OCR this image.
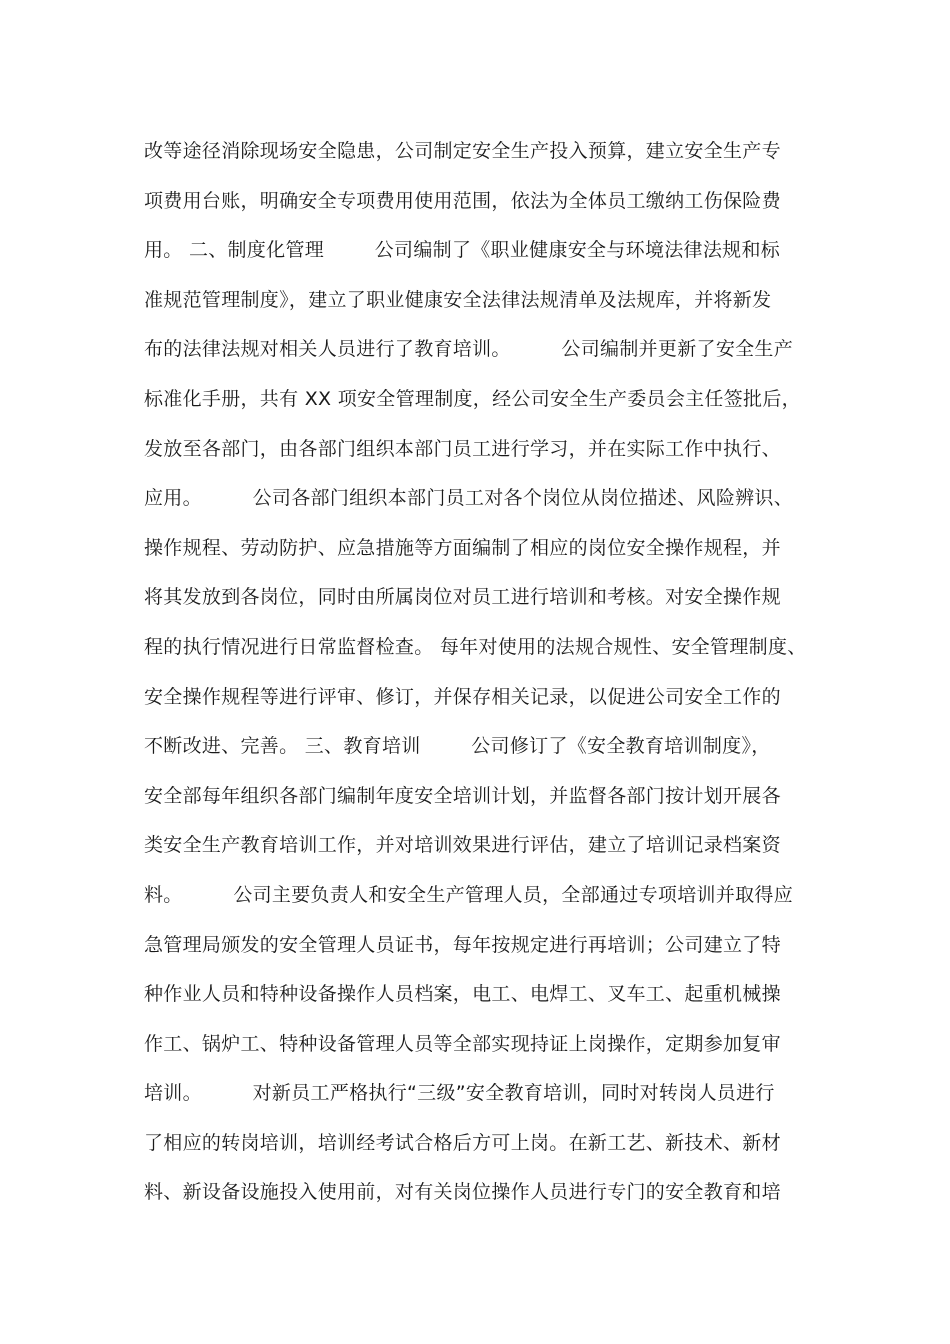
改等途径消除现场安全隐患，公司制定安全生产投入预算，建立安全生产专
项费用台账，明确安全专项费用使用范围，依法为全体员工缴纳工伤保险费
用。 二、制度化管理        公司编制了《职业健康安全与环境法律法规和标
准规范管理制度》，建立了职业健康安全法律法规清单及法规库，并将新发
布的法律法规对相关人员进行了教育培训。        公司编制并更新了安全生产
标准化手册，共有 XX 项安全管理制度，经公司安全生产委员会主任签批后，
发放至各部门，由各部门组织本部门员工进行学习，并在实际工作中执行、
应用。        公司各部门组织本部门员工对各个岗位从岗位描述、风险辨识、
操作规程、劳动防护、应急措施等方面编制了相应的岗位安全操作规程，并
将其发放到各岗位，同时由所属岗位对员工进行培训和考核。对安全操作规
程的执行情况进行日常监督检查。 每年对使用的法规合规性、安全管理制度、
安全操作规程等进行评审、修订，并保存相关记录，以促进公司安全工作的
不断改进、完善。 三、教育培训        公司修订了《安全教育培训制度》，
安全部每年组织各部门编制年度安全培训计划，并监督各部门按计划开展各
类安全生产教育培训工作，并对培训效果进行评估，建立了培训记录档案资
料。        公司主要负责人和安全生产管理人员，全部通过专项培训并取得应
急管理局颁发的安全管理人员证书，每年按规定进行再培训；公司建立了特
种作业人员和特种设备操作人员档案，电工、电焊工、叉车工、起重机械操
作工、锅炉工、特种设备管理人员等全部实现持证上岗操作，定期参加复审
培训。        对新员工严格执行“三级”安全教育培训，同时对转岗人员进行
了相应的转岗培训，培训经考试合格后方可上岗。在新工艺、新技术、新材
料、新设备设施投入使用前，对有关岗位操作人员进行专门的安全教育和培
